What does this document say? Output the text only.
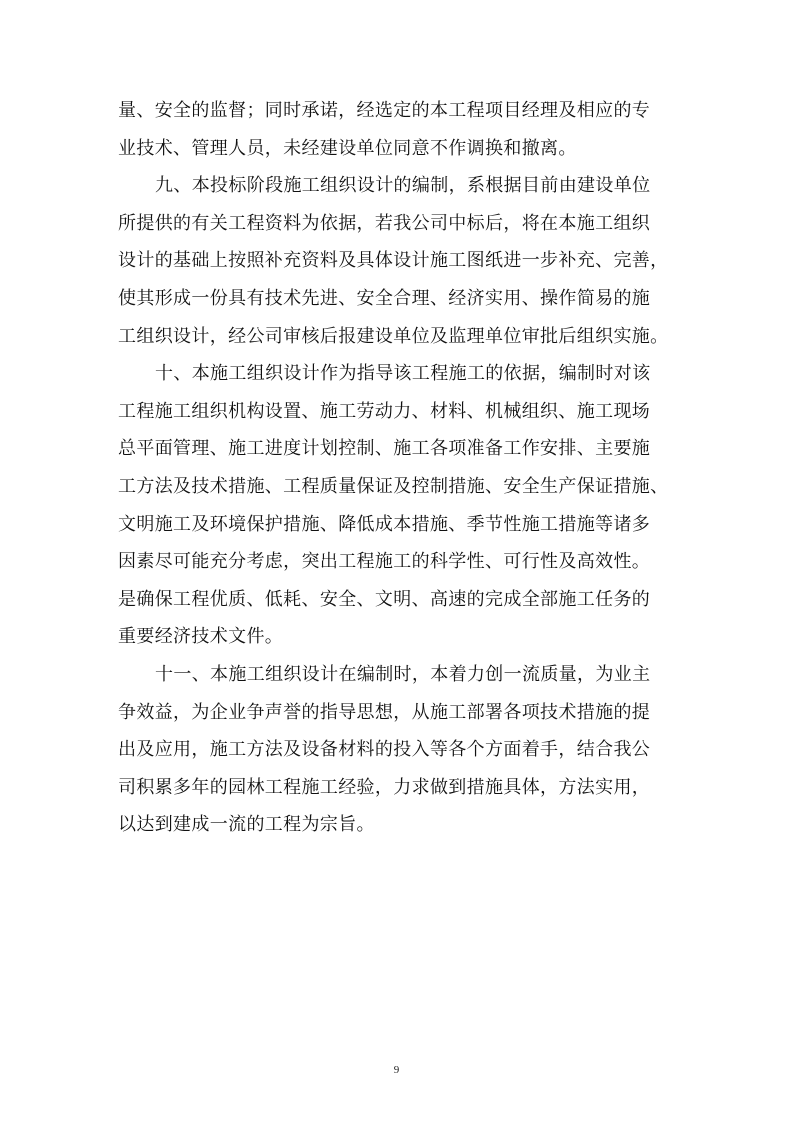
量、安全的监督；同时承诺，经选定的本工程项目经理及相应的专
业技术、管理人员，未经建设单位同意不作调换和撤离。
九、本投标阶段施工组织设计的编制，系根据目前由建设单位
所提供的有关工程资料为依据，若我公司中标后，将在本施工组织
设计的基础上按照补充资料及具体设计施工图纸进一步补充、完善，
使其形成一份具有技术先进、安全合理、经济实用、操作简易的施
工组织设计，经公司审核后报建设单位及监理单位审批后组织实施。
十、本施工组织设计作为指导该工程施工的依据，编制时对该
工程施工组织机构设置、施工劳动力、材料、机械组织、施工现场
总平面管理、施工进度计划控制、施工各项准备工作安排、主要施
工方法及技术措施、工程质量保证及控制措施、安全生产保证措施、
文明施工及环境保护措施、降低成本措施、季节性施工措施等诸多
因素尽可能充分考虑，突出工程施工的科学性、可行性及高效性。
是确保工程优质、低耗、安全、文明、高速的完成全部施工任务的
重要经济技术文件。
十一、本施工组织设计在编制时，本着力创一流质量，为业主
争效益，为企业争声誉的指导思想，从施工部署各项技术措施的提
出及应用，施工方法及设备材料的投入等各个方面着手，结合我公
司积累多年的园林工程施工经验，力求做到措施具体，方法实用，
以达到建成一流的工程为宗旨。
9
